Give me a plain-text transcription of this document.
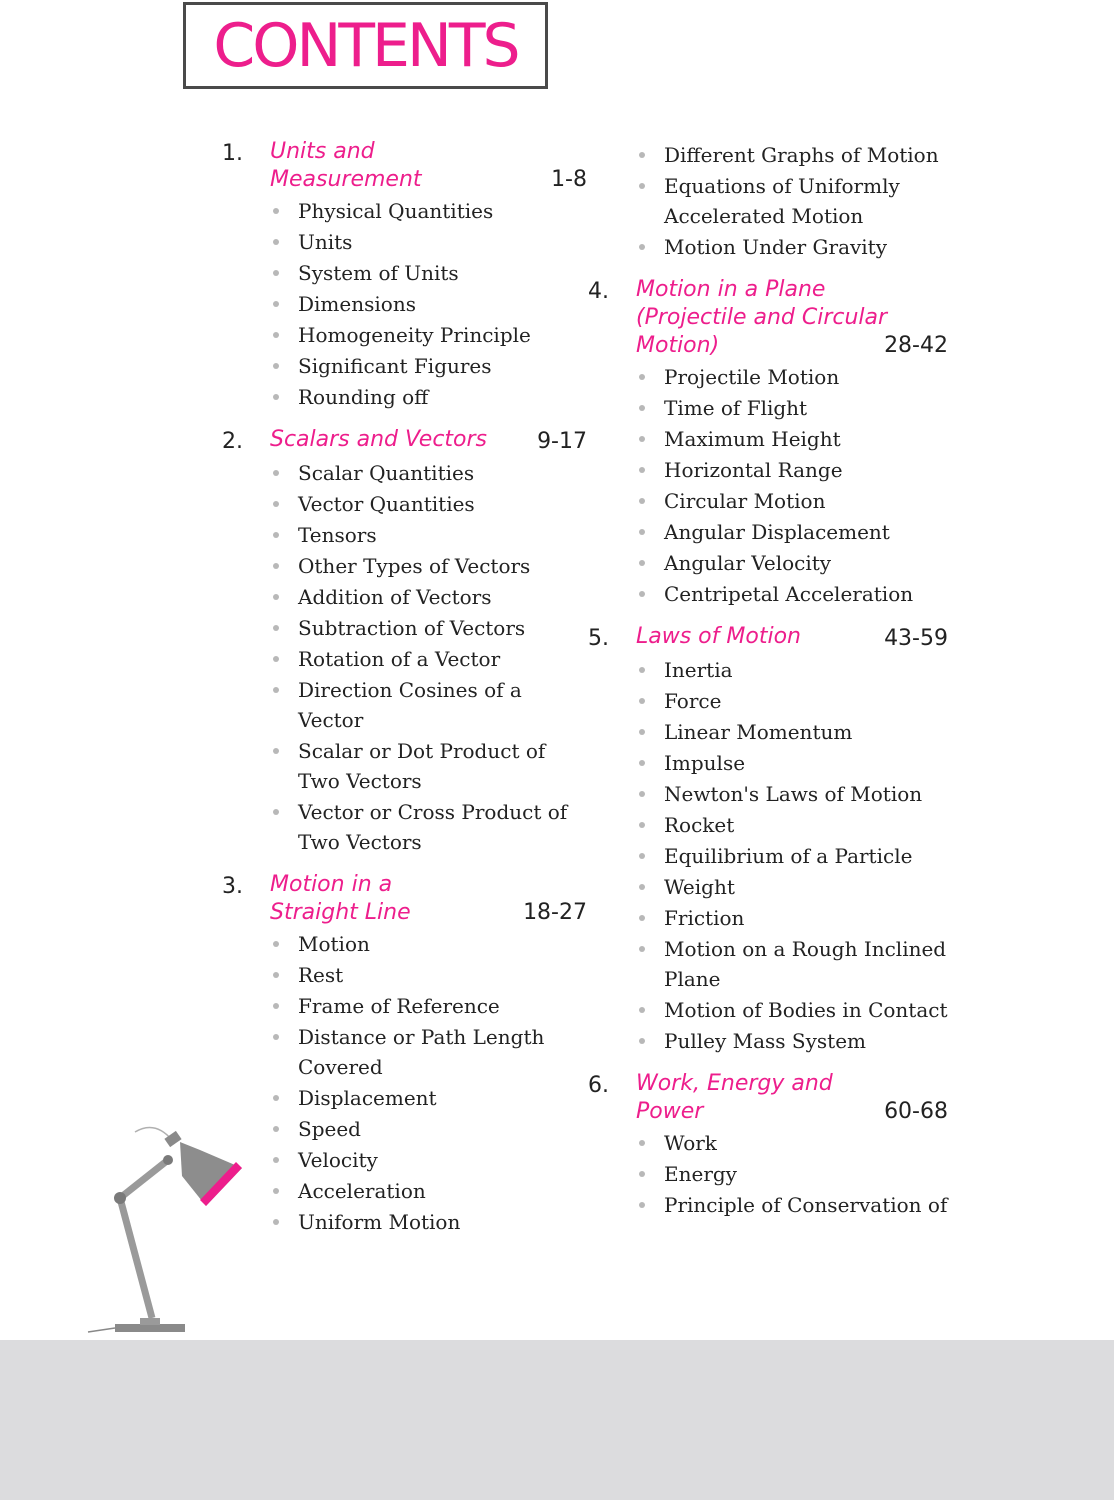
CONTENTS
1.	Units and
Measurement	1-8
Physical Quantities
Units
System of Units
Dimensions
Homogeneity Principle
Significant Figures
Rounding off
2.	Scalars and Vectors 9-17
Scalar Quantities
Vector Quantities
Tensors
Other Types of Vectors
Addition of Vectors
Subtraction of Vectors
Rotation of a Vector
Direction Cosines of a Vector
Scalar or Dot Product of Two Vectors
Vector or Cross Product of Two Vectors
3.	Motion in a
Straight Line	18-27
Motion
Rest
Frame of Reference
Distance or Path Length Covered
Displacement
Speed
Velocity
Acceleration
Uniform Motion
Different Graphs of Motion
Equations of Uniformly Accelerated Motion
Motion Under Gravity
4.	Motion in a Plane
(Projectile and Circular
Motion)	28-42
Projectile Motion
Time of Flight
Maximum Height
Horizontal Range
Circular Motion
Angular Displacement
Angular Velocity
Centripetal Acceleration
5.	Laws of Motion	43-59
Inertia
Force
Linear Momentum
Impulse
Newton's Laws of Motion
Rocket
Equilibrium of a Particle
Weight
Friction
Motion on a Rough Inclined Plane
Motion of Bodies in Contact
Pulley Mass System
6.	Work, Energy and
Power	60-68
Work
Energy
Principle of Conservation of
